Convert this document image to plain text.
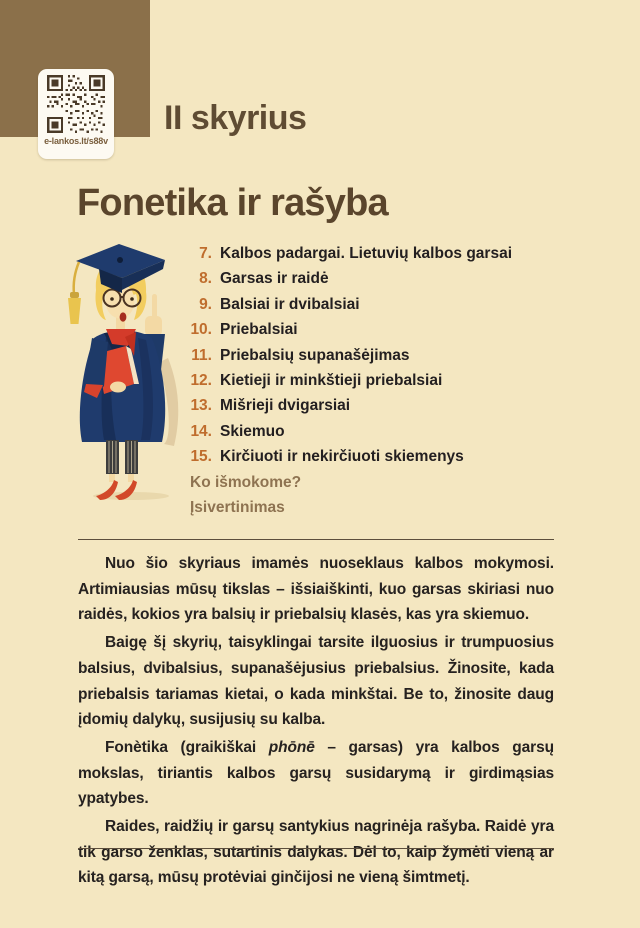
e-lankos.lt/s88v
II skyrius
Fonetika ir rašyba
7. Kalbos padargai. Lietuvių kalbos garsai
8. Garsas ir raidė
9. Balsiai ir dvibalsiai
10. Priebalsiai
11. Priebalsių supanašėjimas
12. Kietieji ir minkštieji priebalsiai
13. Mišrieji dvigarsiai
14. Skiemuo
15. Kirčiuoti ir nekirčiuoti skiemenys
Ko išmokome?
Įsivertinimas

Nuo šio skyriaus imamės nuoseklaus kalbos mokymosi. Artimiausias mūsų tikslas – išsiaiškinti, kuo garsas skiriasi nuo raidės, kokios yra balsių ir priebalsių klasės, kas yra skiemuo.

Baigę šį skyrių, taisyklingai tarsite ilguosius ir trumpuosius balsius, dvibalsius, supanašėjusius priebalsius. Žinosite, kada priebalsis tariamas kietai, o kada minkštai. Be to, žinosite daug įdomių dalykų, susijusių su kalba.

Fonètika (graikiškai phōnē – garsas) yra kalbos garsų mokslas, tiriantis kalbos garsų susidarymą ir girdimąsias ypatybes.

Raides, raidžių ir garsų santykius nagrinėja rašyba. Raidė yra tik garso ženklas, sutartinis dalykas. Dėl to, kaip žymėti vieną ar kitą garsą, mūsų protėviai ginčijosi ne vieną šimtmetį.
